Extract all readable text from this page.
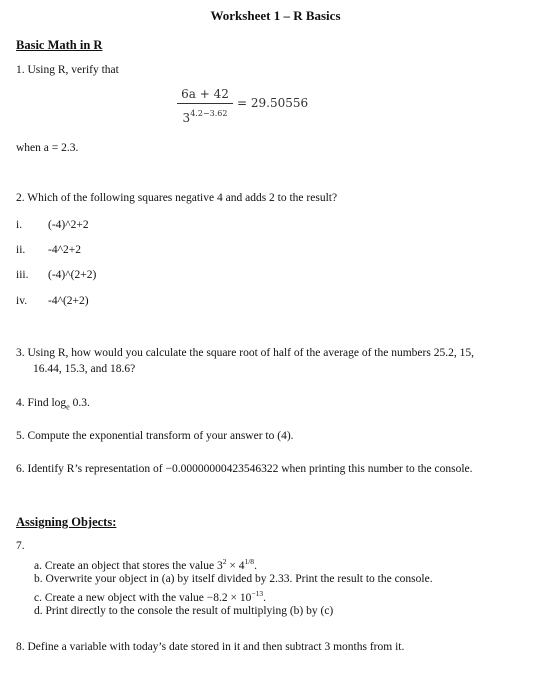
Worksheet 1 – R Basics
Basic Math in R
1. Using R, verify that
6a + 42
$3^{4.2-3.62}$
= 29.50556
when a = 2.3.
2. Which of the following squares negative 4 and adds 2 to the result?
i. (-4)^2+2
ii. -4^2+2
iii. (-4)^(2+2)
iv. -4^(2+2)
3. Using R, how would you calculate the square root of half of the average of the numbers 25.2, 15,
16.44, 15.3, and 18.6?
4. Find $\log_e 0.3$.
5. Compute the exponential transform of your answer to (4).
6. Identify R’s representation of −0.00000000423546322 when printing this number to the console.
Assigning Objects:
7.
a. Create an object that stores the value $3^2 \times 4^{1/8}$.
b. Overwrite your object in (a) by itself divided by 2.33. Print the result to the console.
c. Create a new object with the value $-8.2 \times 10^{-13}$.
d. Print directly to the console the result of multiplying (b) by (c)
8. Define a variable with today’s date stored in it and then subtract 3 months from it.
